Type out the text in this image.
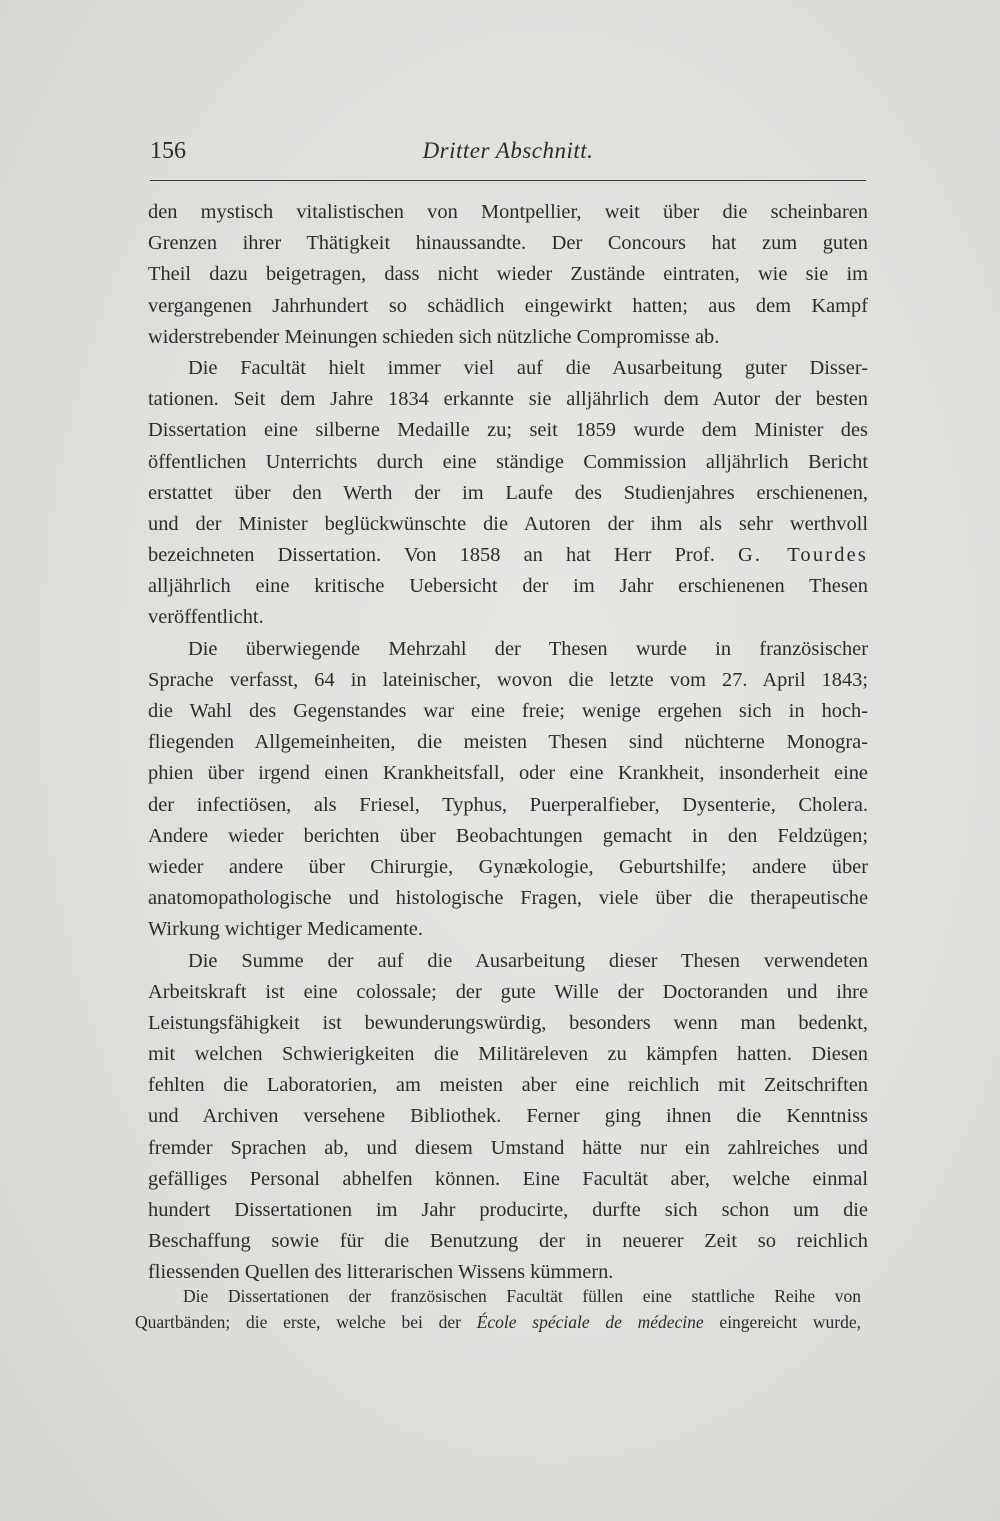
156	Dritter Abschnitt.

den mystisch vitalistischen von Montpellier, weit über die scheinbaren
Grenzen ihrer Thätigkeit hinaussandte. Der Concours hat zum guten
Theil dazu beigetragen, dass nicht wieder Zustände eintraten, wie sie im
vergangenen Jahrhundert so schädlich eingewirkt hatten; aus dem Kampf
widerstrebender Meinungen schieden sich nützliche Compromisse ab.

Die Facultät hielt immer viel auf die Ausarbeitung guter Disser-
tationen. Seit dem Jahre 1834 erkannte sie alljährlich dem Autor der besten
Dissertation eine silberne Medaille zu; seit 1859 wurde dem Minister des
öffentlichen Unterrichts durch eine ständige Commission alljährlich Bericht
erstattet über den Werth der im Laufe des Studienjahres erschienenen,
und der Minister beglückwünschte die Autoren der ihm als sehr werthvoll
bezeichneten Dissertation. Von 1858 an hat Herr Prof. G. Tourdes
alljährlich eine kritische Uebersicht der im Jahr erschienenen Thesen
veröffentlicht.

Die überwiegende Mehrzahl der Thesen wurde in französischer
Sprache verfasst, 64 in lateinischer, wovon die letzte vom 27. April 1843;
die Wahl des Gegenstandes war eine freie; wenige ergehen sich in hoch-
fliegenden Allgemeinheiten, die meisten Thesen sind nüchterne Monogra-
phien über irgend einen Krankheitsfall, oder eine Krankheit, insonderheit eine
der infectiösen, als Friesel, Typhus, Puerperalfieber, Dysenterie, Cholera.
Andere wieder berichten über Beobachtungen gemacht in den Feldzügen;
wieder andere über Chirurgie, Gynækologie, Geburtshilfe; andere über
anatomopathologische und histologische Fragen, viele über die therapeutische
Wirkung wichtiger Medicamente.

Die Summe der auf die Ausarbeitung dieser Thesen verwendeten
Arbeitskraft ist eine colossale; der gute Wille der Doctoranden und ihre
Leistungsfähigkeit ist bewunderungswürdig, besonders wenn man bedenkt,
mit welchen Schwierigkeiten die Militäreleven zu kämpfen hatten. Diesen
fehlten die Laboratorien, am meisten aber eine reichlich mit Zeitschriften
und Archiven versehene Bibliothek. Ferner ging ihnen die Kenntniss
fremder Sprachen ab, und diesem Umstand hätte nur ein zahlreiches und
gefälliges Personal abhelfen können. Eine Facultät aber, welche einmal
hundert Dissertationen im Jahr producirte, durfte sich schon um die
Beschaffung sowie für die Benutzung der in neuerer Zeit so reichlich
fliessenden Quellen des litterarischen Wissens kümmern.

Die Dissertationen der französischen Facultät füllen eine stattliche Reihe von
Quartbänden; die erste, welche bei der École spéciale de médecine eingereicht wurde,
